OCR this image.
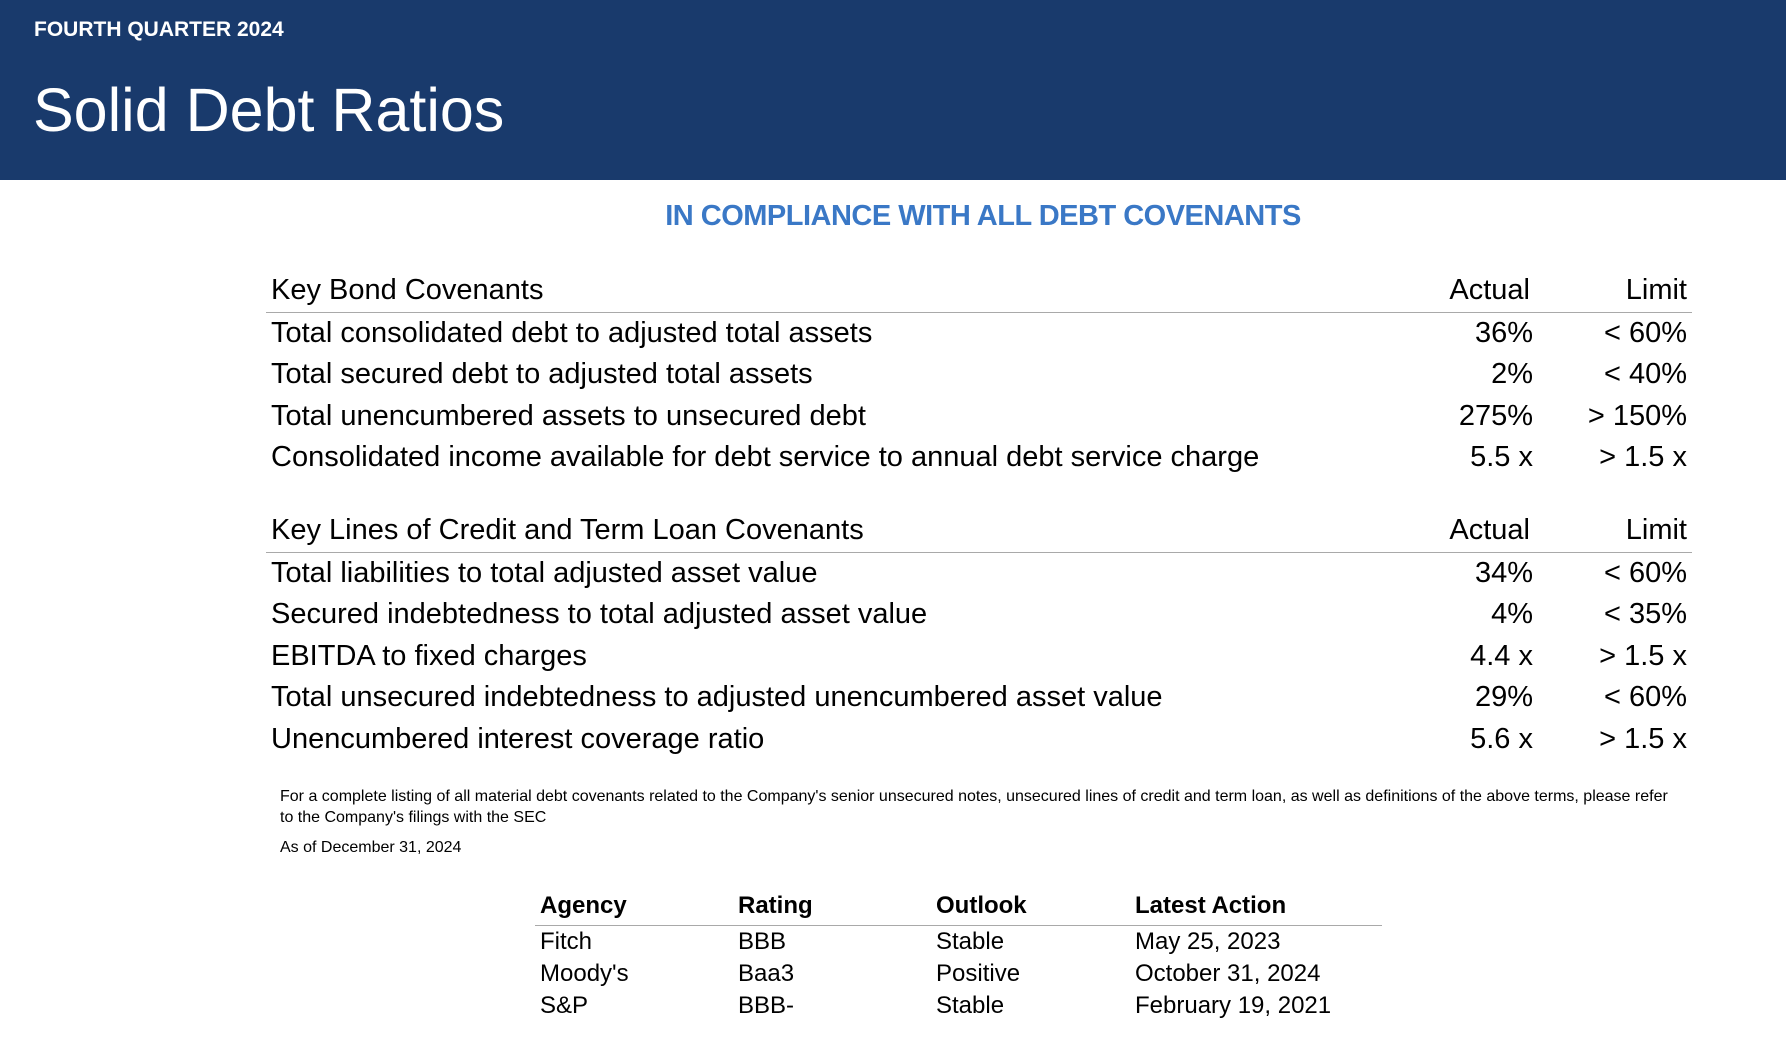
FOURTH QUARTER 2024
Solid Debt Ratios
IN COMPLIANCE WITH ALL DEBT COVENANTS
Key Bond Covenants	Actual	Limit
Total consolidated debt to adjusted total assets	36% < 60%
Total secured debt to adjusted total assets	2% < 40%
Total unencumbered assets to unsecured debt	275% > 150%
Consolidated income available for debt service to annual debt service charge	5.5 x > 1.5 x
Key Lines of Credit and Term Loan Covenants	Actual	Limit
Total liabilities to total adjusted asset value	34% < 60%
Secured indebtedness to total adjusted asset value	4% < 35%
EBITDA to fixed charges	4.4 x > 1.5 x
Total unsecured indebtedness to adjusted unencumbered asset value	29% < 60%
Unencumbered interest coverage ratio	5.6 x > 1.5 x
For a complete listing of all material debt covenants related to the Company's senior unsecured notes, unsecured lines of credit and term loan, as well as definitions of the above terms, please refer to the Company's filings with the SEC
As of December 31, 2024
Agency	Rating	Outlook	Latest Action
Fitch	BBB	Stable	May 25, 2023
Moody's	Baa3	Positive	October 31, 2024
S&P	BBB-	Stable	February 19, 2021
